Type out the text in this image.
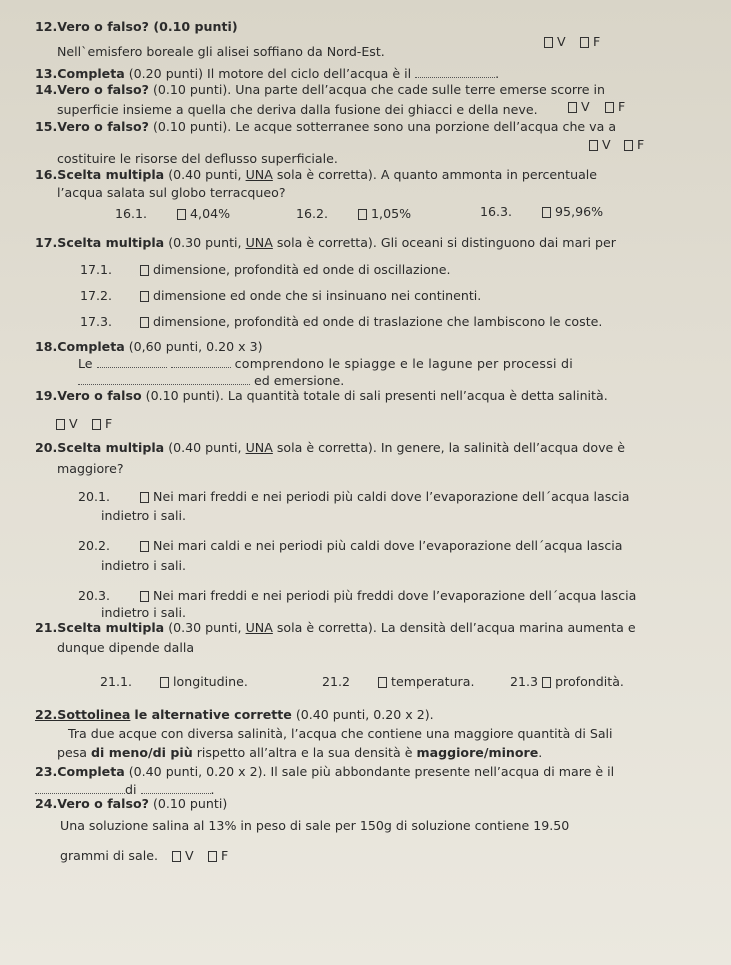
12.Vero o falso? (0.10 punti)
V	F
Nell`emisfero boreale gli alisei soffiano da Nord-Est.
13.Completa (0.20 punti) Il motore del ciclo dell’acqua è il	.
14.Vero o falso? (0.10 punti). Una parte dell’acqua che cade sulle terre emerse scorre in
superficie insieme a quella che deriva dalla fusione dei ghiacci e della neve.	V	F
15.Vero o falso? (0.10 punti). Le acque sotterranee sono una porzione dell’acqua che va a
V	F
costituire le risorse del deflusso superficiale.
16.Scelta multipla (0.40 punti, UNA sola è corretta). A quanto ammonta in percentuale
l’acqua salata sul globo terracqueo?
16.1.	4,04%	16.2.	1,05%	16.3.	95,96%
17.Scelta multipla (0.30 punti, UNA sola è corretta). Gli oceani si distinguono dai mari per
17.1.	dimensione, profondità ed onde di oscillazione.
17.2.	dimensione ed onde che si insinuano nei continenti.
17.3.	dimensione, profondità ed onde di traslazione che lambiscono le coste.
18.Completa (0,60 punti, 0.20 x 3)
Le	comprendono le spiagge e le lagune per processi di
ed emersione.
19.Vero o falso (0.10 punti). La quantità totale di sali presenti nell’acqua è detta salinità.
V	F
20.Scelta multipla (0.40 punti, UNA sola è corretta). In genere, la salinità dell’acqua dove è
maggiore?
20.1.	Nei mari freddi e nei periodi più caldi dove l’evaporazione dell´acqua lascia
indietro i sali.
20.2.	Nei mari caldi e nei periodi più caldi dove l’evaporazione dell´acqua lascia
indietro i sali.
20.3.	Nei mari freddi e nei periodi più freddi dove l’evaporazione dell´acqua lascia
indietro i sali.
21.Scelta multipla (0.30 punti, UNA sola è corretta). La densità dell’acqua marina aumenta e
dunque dipende dalla
21.1.	longitudine.	21.2	temperatura.	21.3 profondità.
22.Sottolinea le alternative corrette (0.40 punti, 0.20 x 2).
Tra due acque con diversa salinità, l’acqua che contiene una maggiore quantità di Sali
pesa di meno/di più rispetto all’altra e la sua densità è maggiore/minore.
23.Completa (0.40 punti, 0.20 x 2). Il sale più abbondante presente nell’acqua di mare è il
di	.
24.Vero o falso? (0.10 punti)
Una soluzione salina al 13% in peso di sale per 150g di soluzione contiene 19.50
grammi di sale.	V	F
